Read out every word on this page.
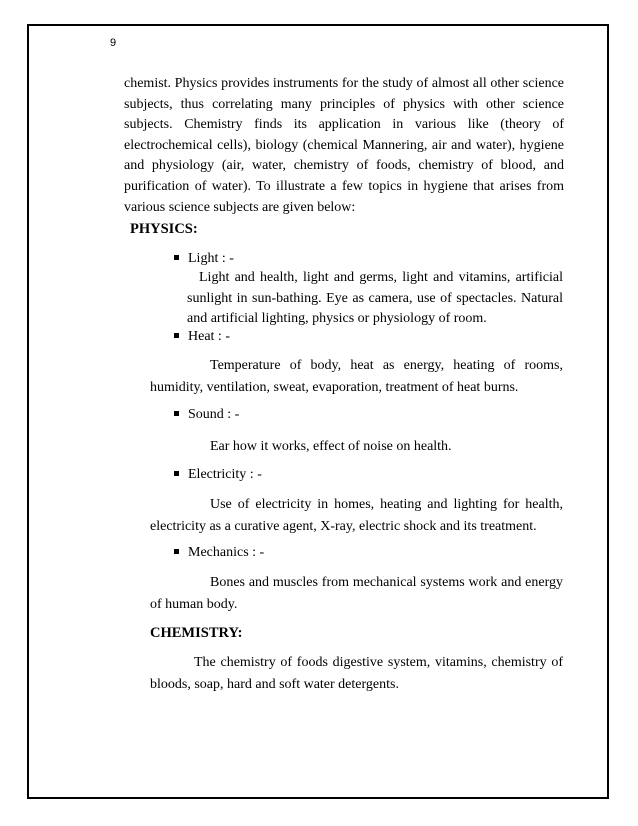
9

chemist. Physics provides instruments for the study of almost all other science subjects, thus correlating many principles of physics with other science subjects. Chemistry finds its application in various like (theory of electrochemical cells), biology (chemical Mannering, air and water), hygiene and physiology (air, water, chemistry of foods, chemistry of blood, and purification of water). To illustrate a few topics in hygiene that arises from various science subjects are given below:

PHYSICS:

Light : -

Light and health, light and germs, light and vitamins, artificial sunlight in sun-bathing. Eye as camera, use of spectacles. Natural and artificial lighting, physics or physiology of room.

Heat : -

Temperature of body, heat as energy, heating of rooms, humidity, ventilation, sweat, evaporation, treatment of heat burns.

Sound : -

Ear how it works, effect of noise on health.

Electricity : -

Use of electricity in homes, heating and lighting for health, electricity as a curative agent, X-ray, electric shock and its treatment.

Mechanics : -

Bones and muscles from mechanical systems work and energy of human body.

CHEMISTRY:

The chemistry of foods digestive system, vitamins, chemistry of bloods, soap, hard and soft water detergents.
